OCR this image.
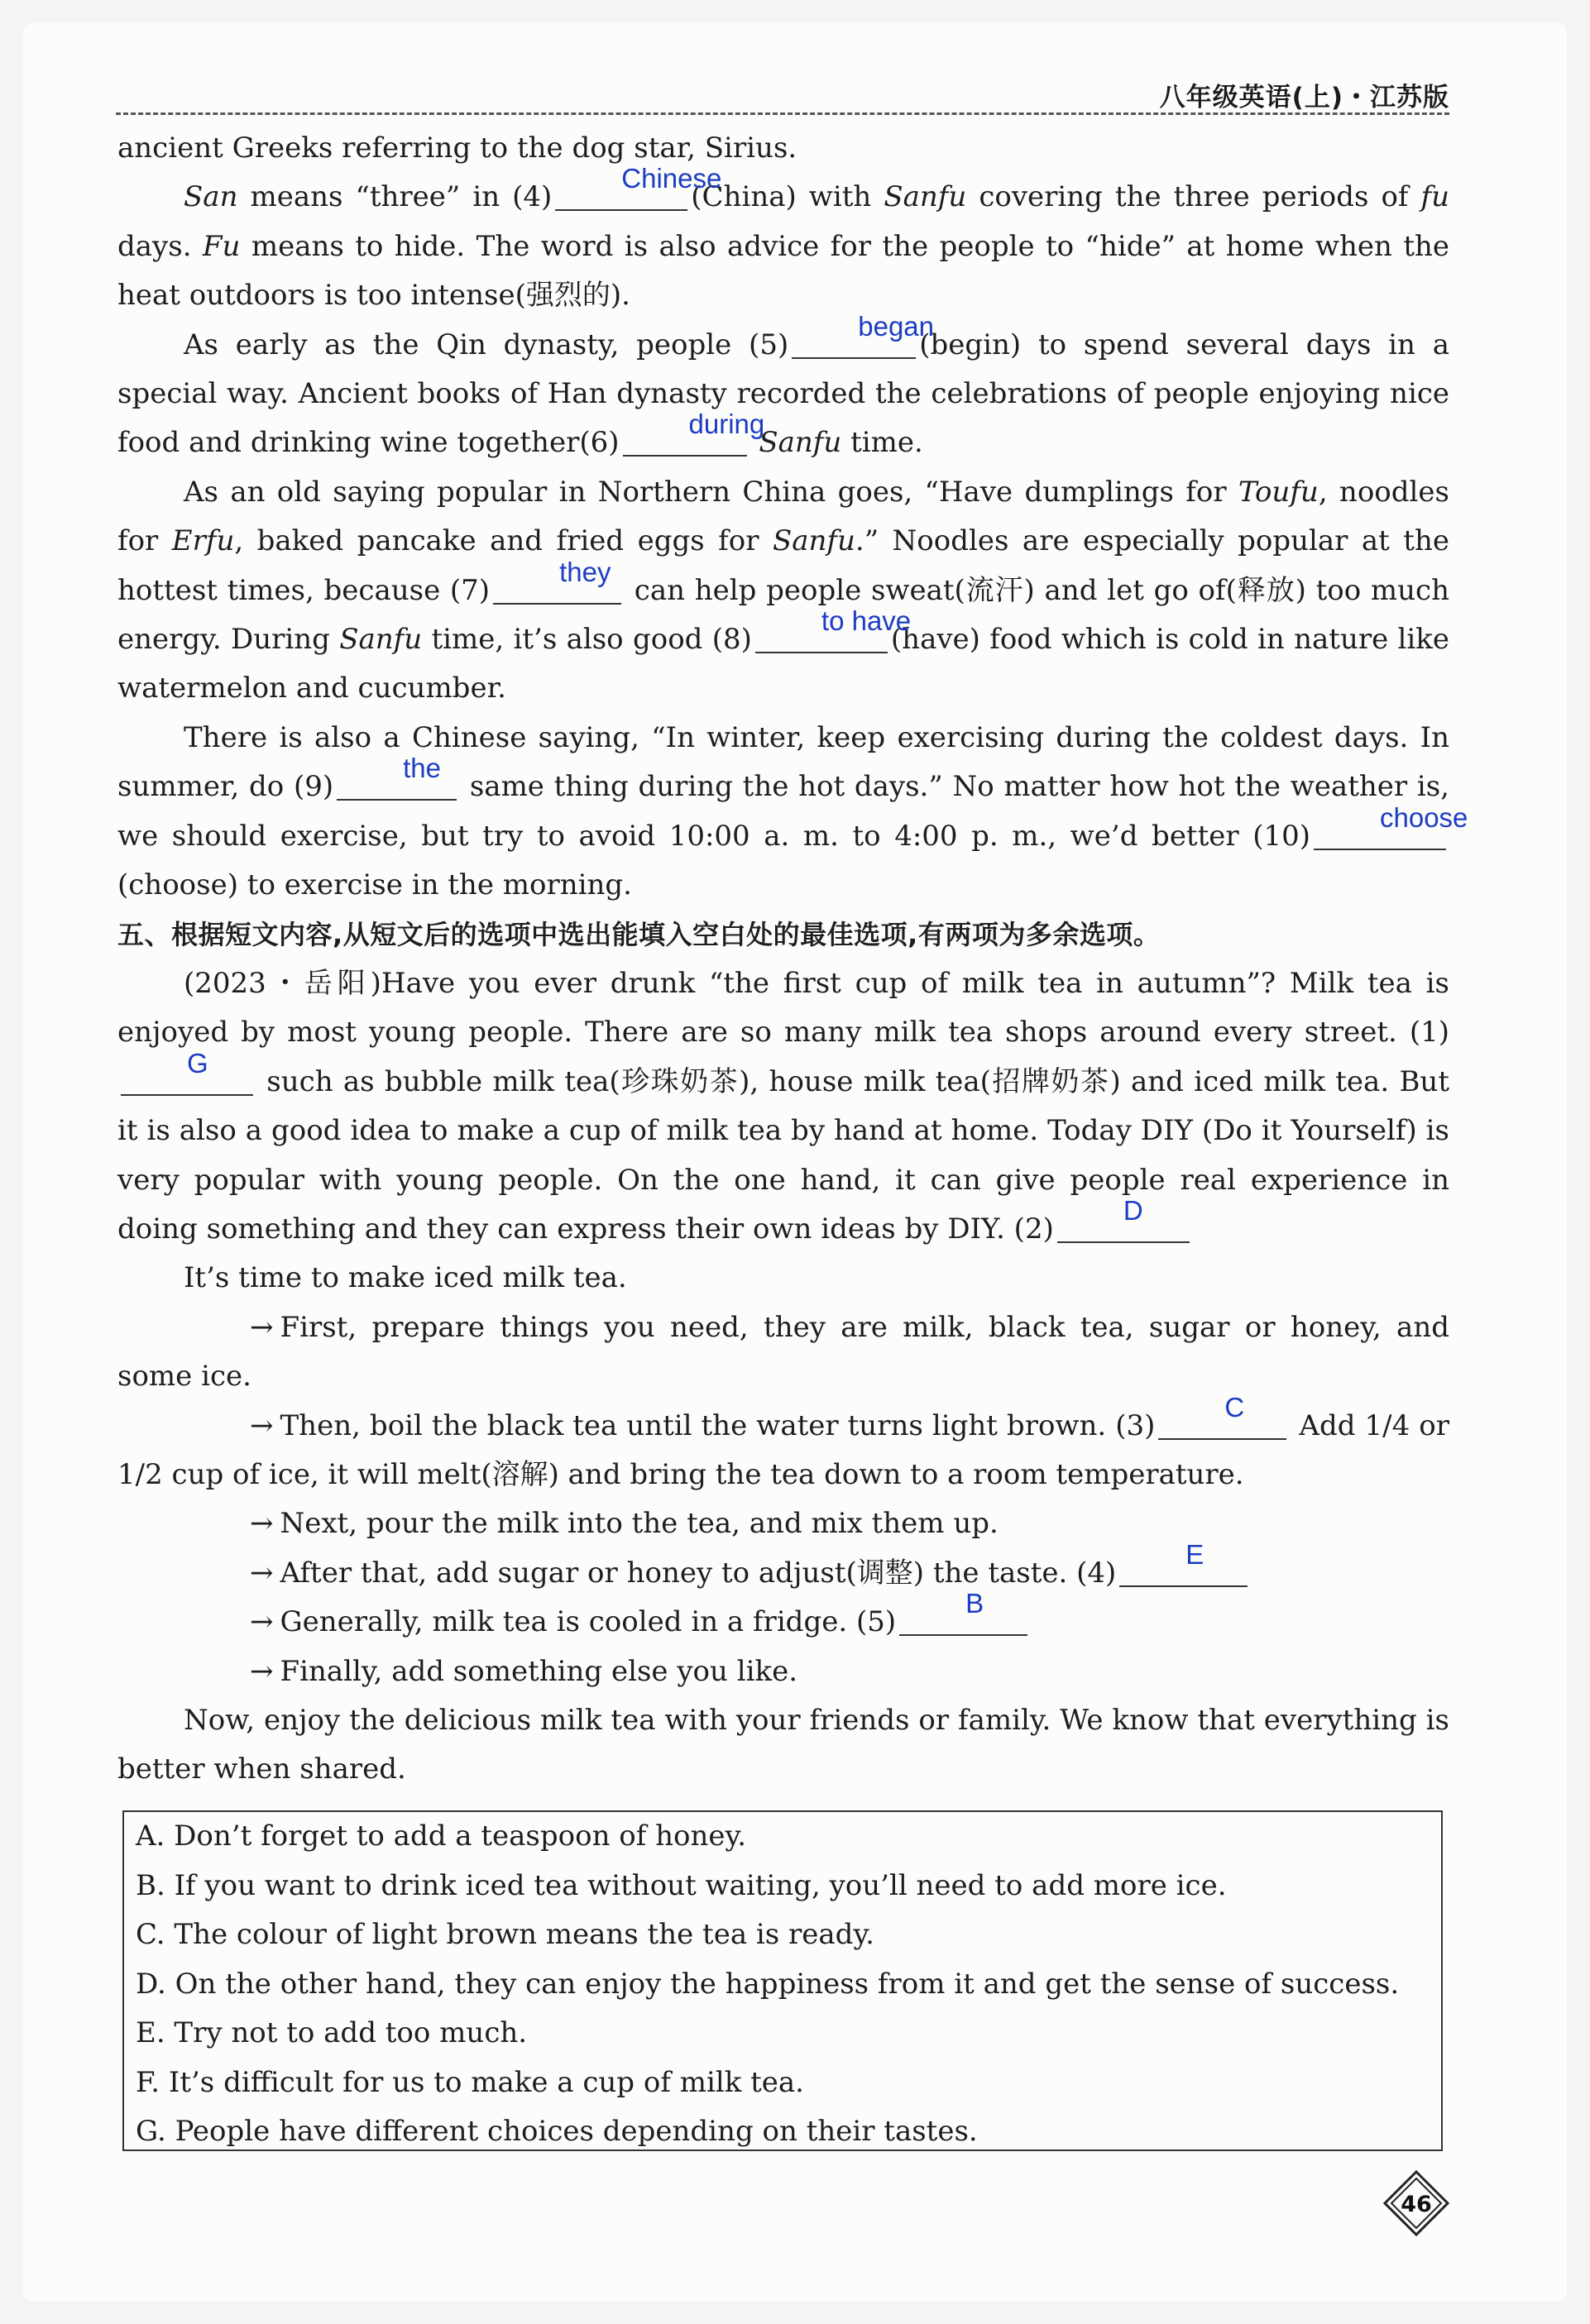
八年级英语(上)・江苏版
ancient Greeks referring to the dog star, Sirius.
San means “three” in (4)
Chinese
(China) with Sanfu covering the three periods of fu days. Fu means to hide. The word is also advice for the people to “hide” at home when the heat outdoors is too intense(强烈的).
As early as the Qin dynasty, people (5)
began
(begin) to spend several days in a special way. Ancient books of Han dynasty recorded the celebrations of people enjoying nice food and drinking wine together(6)
during
Sanfu time.
As an old saying popular in Northern China goes, “Have dumplings for Toufu, noodles for Erfu, baked pancake and fried eggs for Sanfu.” Noodles are especially popular at the hottest times, because (7)
they
can help people sweat(流汗) and let go of(释放) too much energy. During Sanfu time, it’s also good (8)
to have
(have) food which is cold in nature like watermelon and cucumber.
There is also a Chinese saying, “In winter, keep exercising during the coldest days. In summer, do (9)
the
same thing during the hot days.” No matter how hot the weather is, we should exercise, but try to avoid 10:00 a. m. to 4:00 p. m., we’d better (10)
choose
(choose) to exercise in the morning.
五、根据短文内容,从短文后的选项中选出能填入空白处的最佳选项,有两项为多余选项。
(2023・岳阳)Have you ever drunk “the first cup of milk tea in autumn”? Milk tea is enjoyed by most young people. There are so many milk tea shops around every street. (1)
G
such as bubble milk tea(珍珠奶茶), house milk tea(招牌奶茶) and iced milk tea. But it is also a good idea to make a cup of milk tea by hand at home. Today DIY (Do it Yourself) is very popular with young people. On the one hand, it can give people real experience in doing something and they can express their own ideas by DIY. (2)
D
It’s time to make iced milk tea.
→ First, prepare things you need, they are milk, black tea, sugar or honey, and some ice.
→ Then, boil the black tea until the water turns light brown. (3)
C
Add 1/4 or 1/2 cup of ice, it will melt(溶解) and bring the tea down to a room temperature.
→ Next, pour the milk into the tea, and mix them up.
→ After that, add sugar or honey to adjust(调整) the taste. (4)
E
→ Generally, milk tea is cooled in a fridge. (5)
B
→ Finally, add something else you like.
Now, enjoy the delicious milk tea with your friends or family. We know that everything is better when shared.
A. Don’t forget to add a teaspoon of honey.
B. If you want to drink iced tea without waiting, you’ll need to add more ice.
C. The colour of light brown means the tea is ready.
D. On the other hand, they can enjoy the happiness from it and get the sense of success.
E. Try not to add too much.
F. It’s difficult for us to make a cup of milk tea.
G. People have different choices depending on their tastes.
46
